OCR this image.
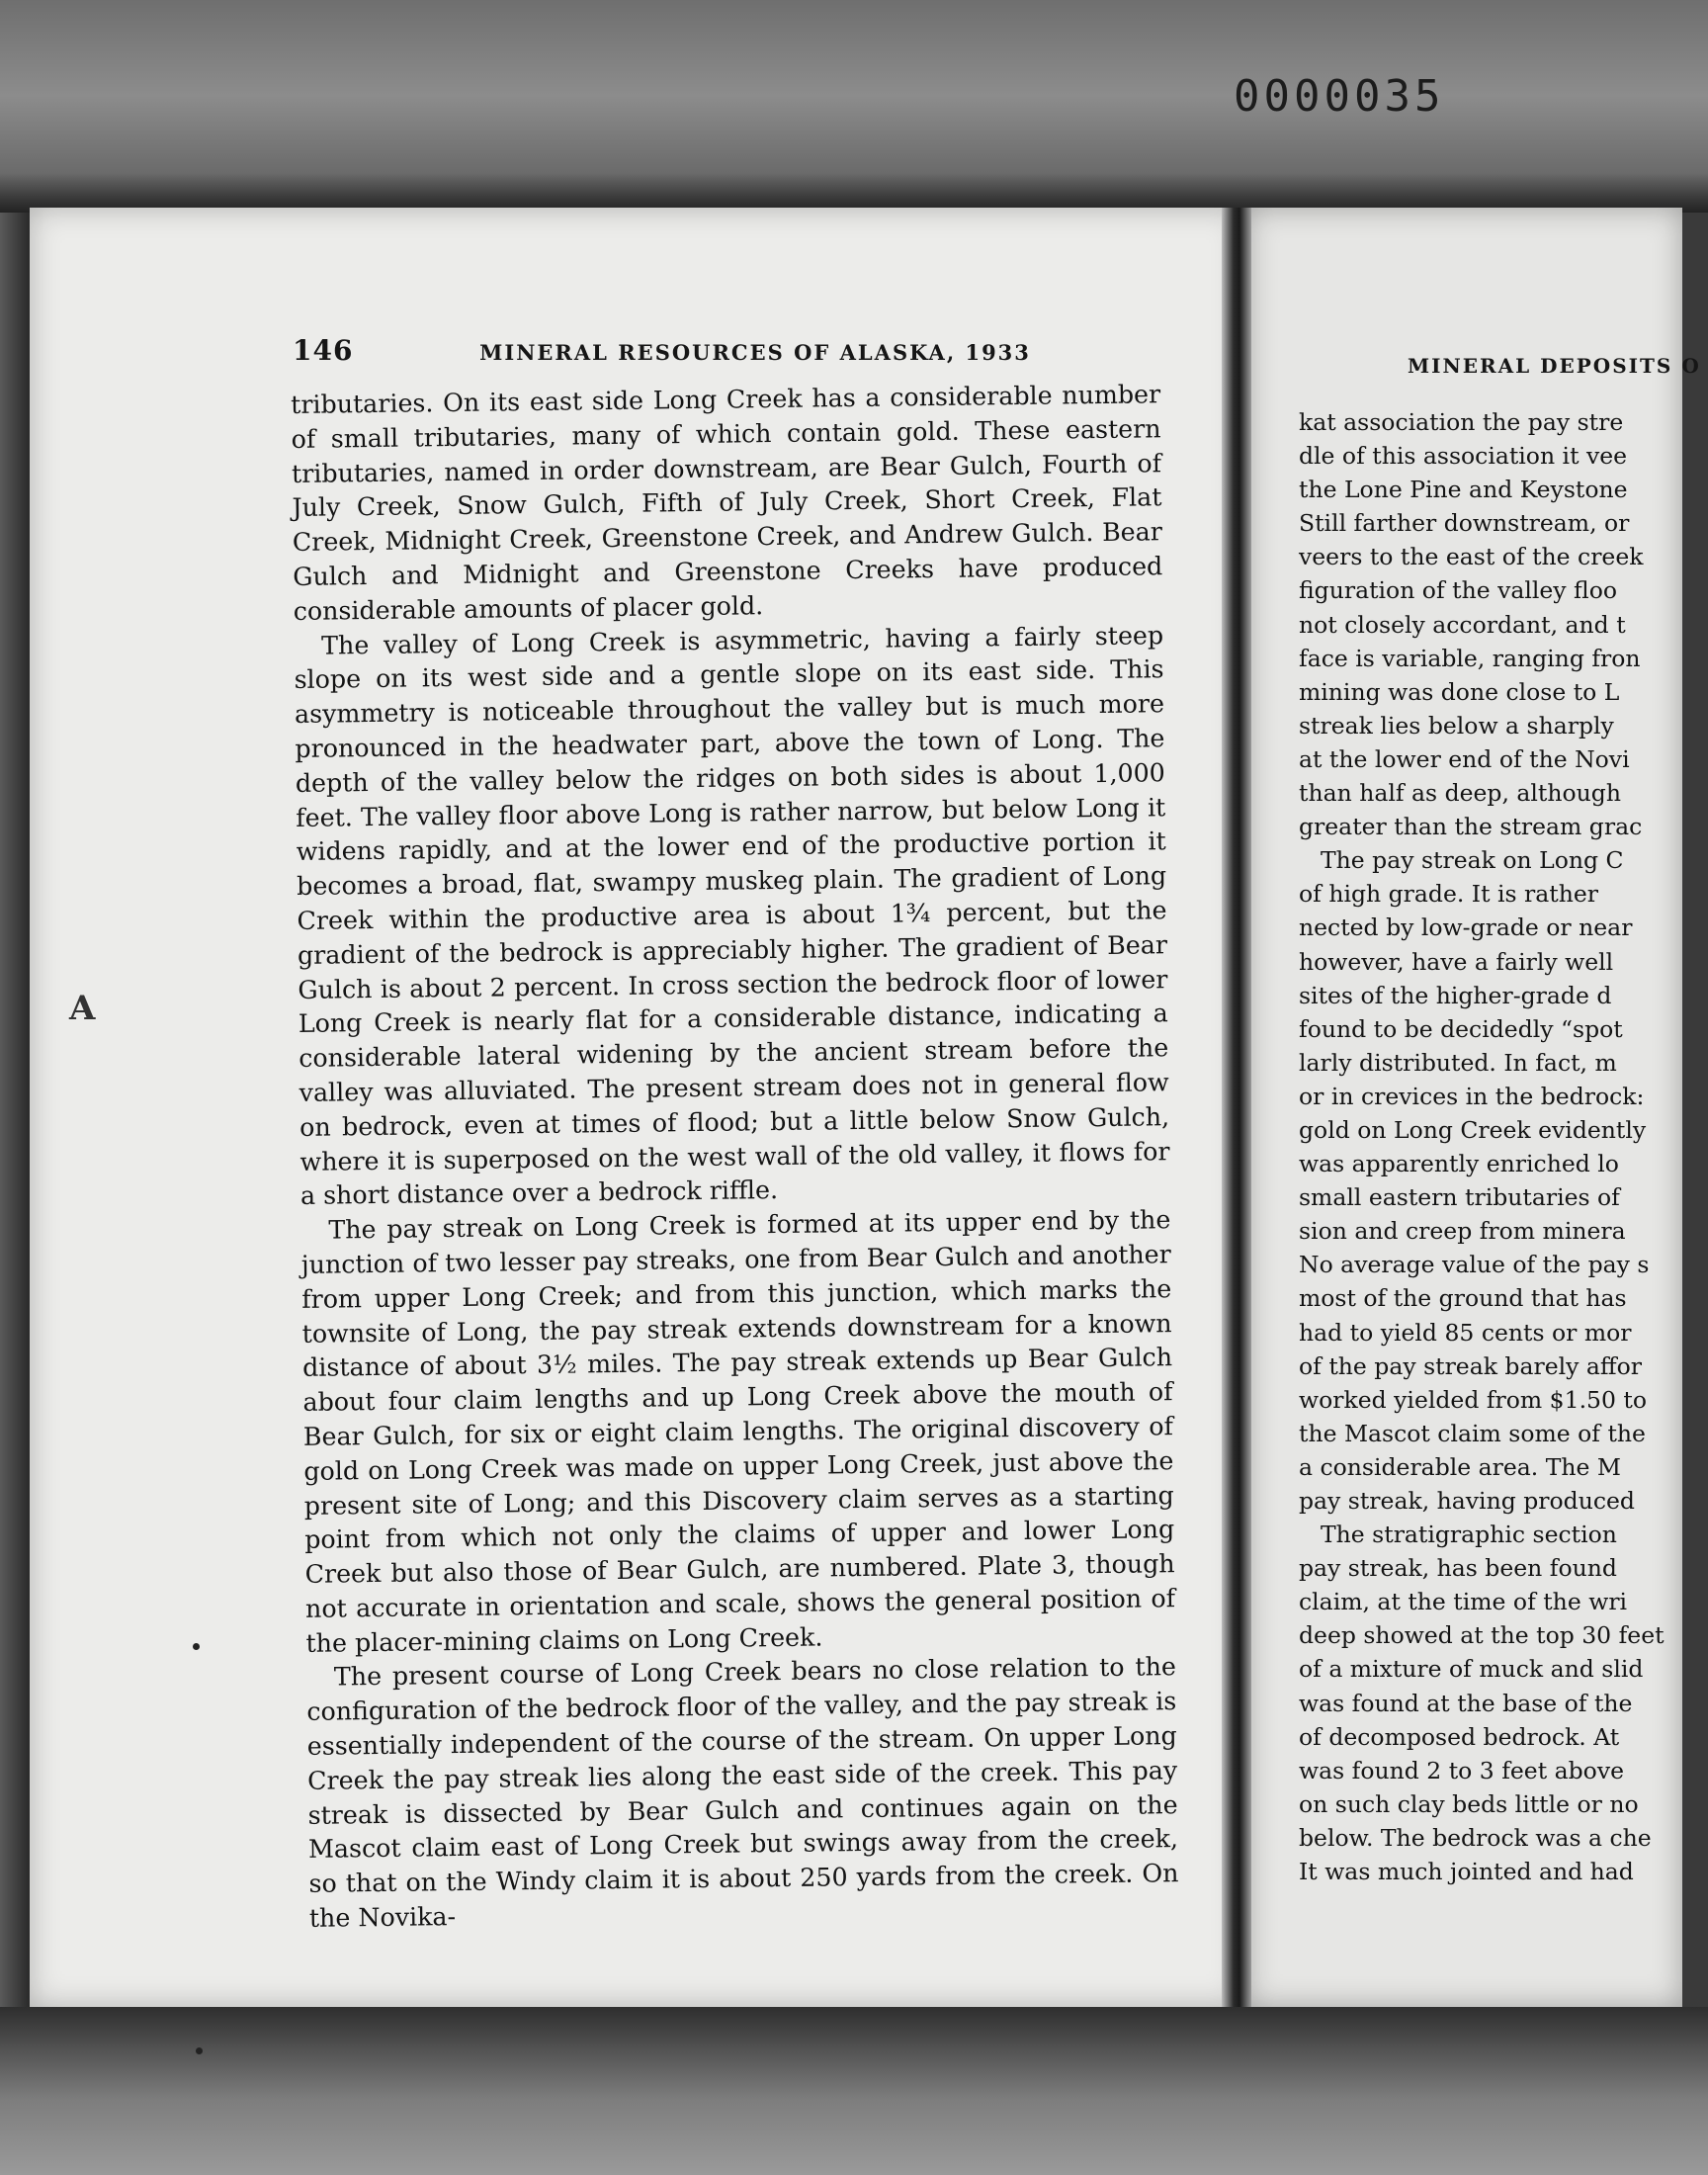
0000035
146	MINERAL RESOURCES OF ALASKA, 1933

tributaries. On its east side Long Creek has a considerable number of small tributaries, many of which contain gold. These eastern tributaries, named in order downstream, are Bear Gulch, Fourth of July Creek, Snow Gulch, Fifth of July Creek, Short Creek, Flat Creek, Midnight Creek, Greenstone Creek, and Andrew Gulch. Bear Gulch and Midnight and Greenstone Creeks have produced considerable amounts of placer gold.

The valley of Long Creek is asymmetric, having a fairly steep slope on its west side and a gentle slope on its east side. This asymmetry is noticeable throughout the valley but is much more pronounced in the headwater part, above the town of Long. The depth of the valley below the ridges on both sides is about 1,000 feet. The valley floor above Long is rather narrow, but below Long it widens rapidly, and at the lower end of the productive portion it becomes a broad, flat, swampy muskeg plain. The gradient of Long Creek within the productive area is about 1¾ percent, but the gradient of the bedrock is appreciably higher. The gradient of Bear Gulch is about 2 percent. In cross section the bedrock floor of lower Long Creek is nearly flat for a considerable distance, indicating a considerable lateral widening by the ancient stream before the valley was alluviated. The present stream does not in general flow on bedrock, even at times of flood; but a little below Snow Gulch, where it is superposed on the west wall of the old valley, it flows for a short distance over a bedrock riffle.

The pay streak on Long Creek is formed at its upper end by the junction of two lesser pay streaks, one from Bear Gulch and another from upper Long Creek; and from this junction, which marks the townsite of Long, the pay streak extends downstream for a known distance of about 3½ miles. The pay streak extends up Bear Gulch about four claim lengths and up Long Creek above the mouth of Bear Gulch, for six or eight claim lengths. The original discovery of gold on Long Creek was made on upper Long Creek, just above the present site of Long; and this Discovery claim serves as a starting point from which not only the claims of upper and lower Long Creek but also those of Bear Gulch, are numbered. Plate 3, though not accurate in orientation and scale, shows the general position of the placer-mining claims on Long Creek.

The present course of Long Creek bears no close relation to the configuration of the bedrock floor of the valley, and the pay streak is essentially independent of the course of the stream. On upper Long Creek the pay streak lies along the east side of the creek. This pay streak is dissected by Bear Gulch and continues again on the Mascot claim east of Long Creek but swings away from the creek, so that on the Windy claim it is about 250 yards from the creek. On the Novika-

MINERAL DEPOSITS O
kat association the pay stre
dle of this association it vee
the Lone Pine and Keystone
Still farther downstream, or
veers to the east of the creek
figuration of the valley floo
not closely accordant, and t
face is variable, ranging fron
mining was done close to L
streak lies below a sharply
at the lower end of the Novi
than half as deep, although
greater than the stream grac
The pay streak on Long C
of high grade. It is rather
nected by low-grade or near
however, have a fairly well
sites of the higher-grade d
found to be decidedly “spot
larly distributed. In fact, m
or in crevices in the bedrock:
gold on Long Creek evidently
was apparently enriched lo
small eastern tributaries of
sion and creep from minera
No average value of the pay s
most of the ground that has
had to yield 85 cents or mor
of the pay streak barely affor
worked yielded from $1.50 to
the Mascot claim some of the
a considerable area. The M
pay streak, having produced
The stratigraphic section
pay streak, has been found
claim, at the time of the wri
deep showed at the top 30 feet
of a mixture of muck and slid
was found at the base of the
of decomposed bedrock. At
was found 2 to 3 feet above
on such clay beds little or no
below. The bedrock was a che
It was much jointed and had
A
